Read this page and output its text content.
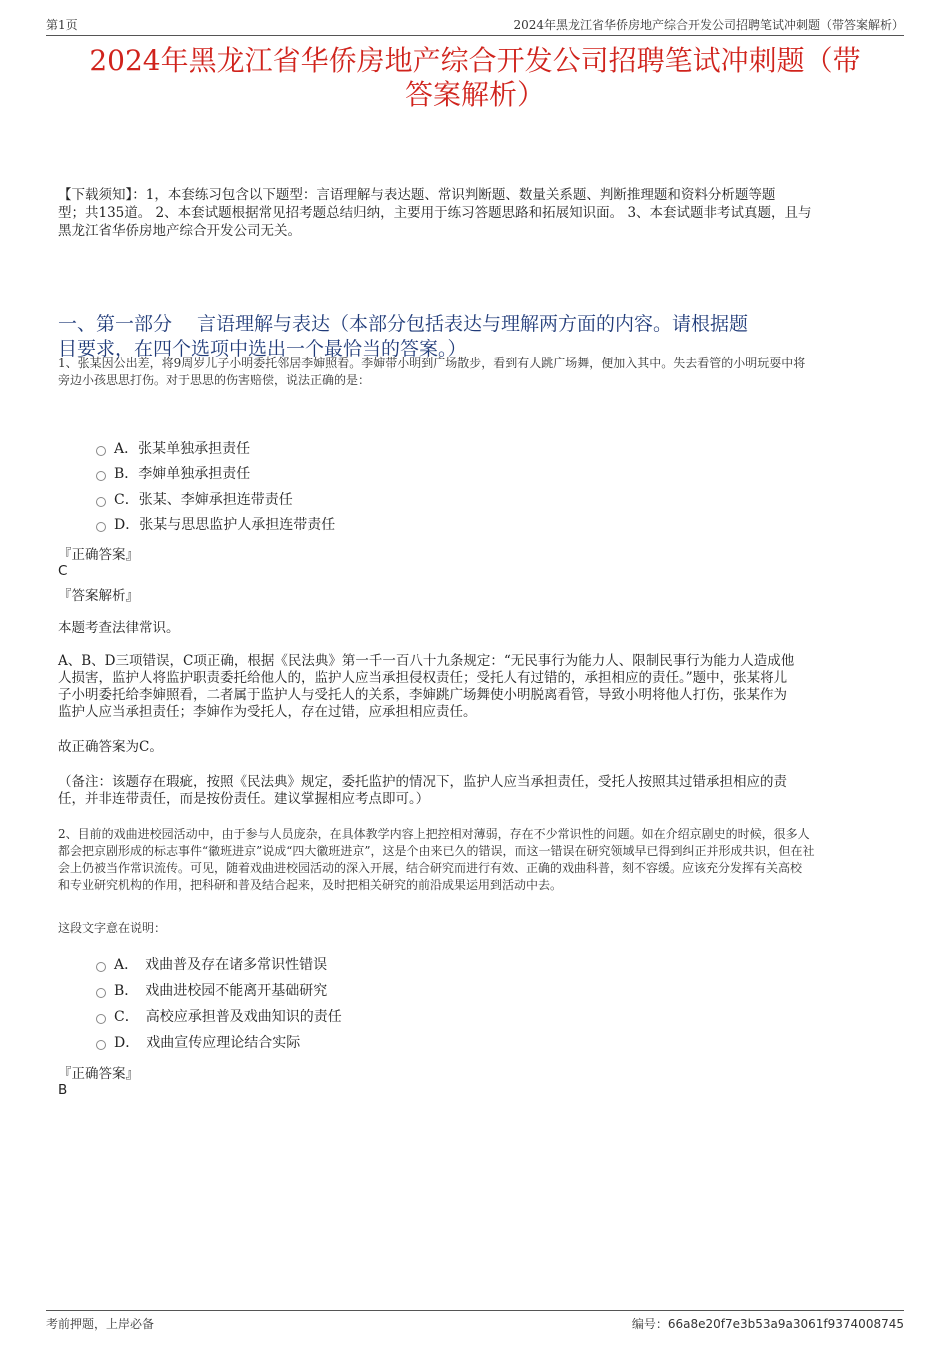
第1页	2024年黑龙江省华侨房地产综合开发公司招聘笔试冲刺题（带答案解析）
2024年黑龙江省华侨房地产综合开发公司招聘笔试冲刺题（带
答案解析）
【下载须知】：1，本套练习包含以下题型：言语理解与表达题、常识判断题、数量关系题、判断推理题和资料分析题等题
型；共135道。 2、本套试题根据常见招考题总结归纳，主要用于练习答题思路和拓展知识面。 3、本套试题非考试真题，且与
黑龙江省华侨房地产综合开发公司无关。
一、第一部分　 言语理解与表达（本部分包括表达与理解两方面的内容。请根据题
目要求，在四个选项中选出一个最恰当的答案。）
1、张某因公出差，将9周岁儿子小明委托邻居李婶照看。李婶带小明到广场散步，看到有人跳广场舞，便加入其中。失去看管的小明玩耍中将
旁边小孩思思打伤。对于思思的伤害赔偿，说法正确的是：
A．张某单独承担责任
B．李婶单独承担责任
C．张某、李婶承担连带责任
D．张某与思思监护人承担连带责任
『正确答案』
C
『答案解析』
本题考查法律常识。
A、B、D三项错误，C项正确，根据《民法典》第一千一百八十九条规定：“无民事行为能力人、限制民事行为能力人造成他
人损害，监护人将监护职责委托给他人的，监护人应当承担侵权责任；受托人有过错的，承担相应的责任。”题中，张某将儿
子小明委托给李婶照看，二者属于监护人与受托人的关系，李婶跳广场舞使小明脱离看管，导致小明将他人打伤，张某作为
监护人应当承担责任；李婶作为受托人，存在过错，应承担相应责任。
故正确答案为C。
（备注：该题存在瑕疵，按照《民法典》规定，委托监护的情况下，监护人应当承担责任，受托人按照其过错承担相应的责
任，并非连带责任，而是按份责任。建议掌握相应考点即可。）
2、目前的戏曲进校园活动中，由于参与人员庞杂，在具体教学内容上把控相对薄弱，存在不少常识性的问题。如在介绍京剧史的时候，很多人
都会把京剧形成的标志事件“徽班进京”说成“四大徽班进京”，这是个由来已久的错误，而这一错误在研究领域早已得到纠正并形成共识，但在社
会上仍被当作常识流传。可见，随着戏曲进校园活动的深入开展，结合研究而进行有效、正确的戏曲科普，刻不容缓。应该充分发挥有关高校
和专业研究机构的作用，把科研和普及结合起来，及时把相关研究的前沿成果运用到活动中去。
这段文字意在说明：
A．　戏曲普及存在诸多常识性错误
B．　戏曲进校园不能离开基础研究
C．　高校应承担普及戏曲知识的责任
D．　戏曲宣传应理论结合实际
『正确答案』
B
考前押题，上岸必备	编号：66a8e20f7e3b53a9a3061f9374008745
